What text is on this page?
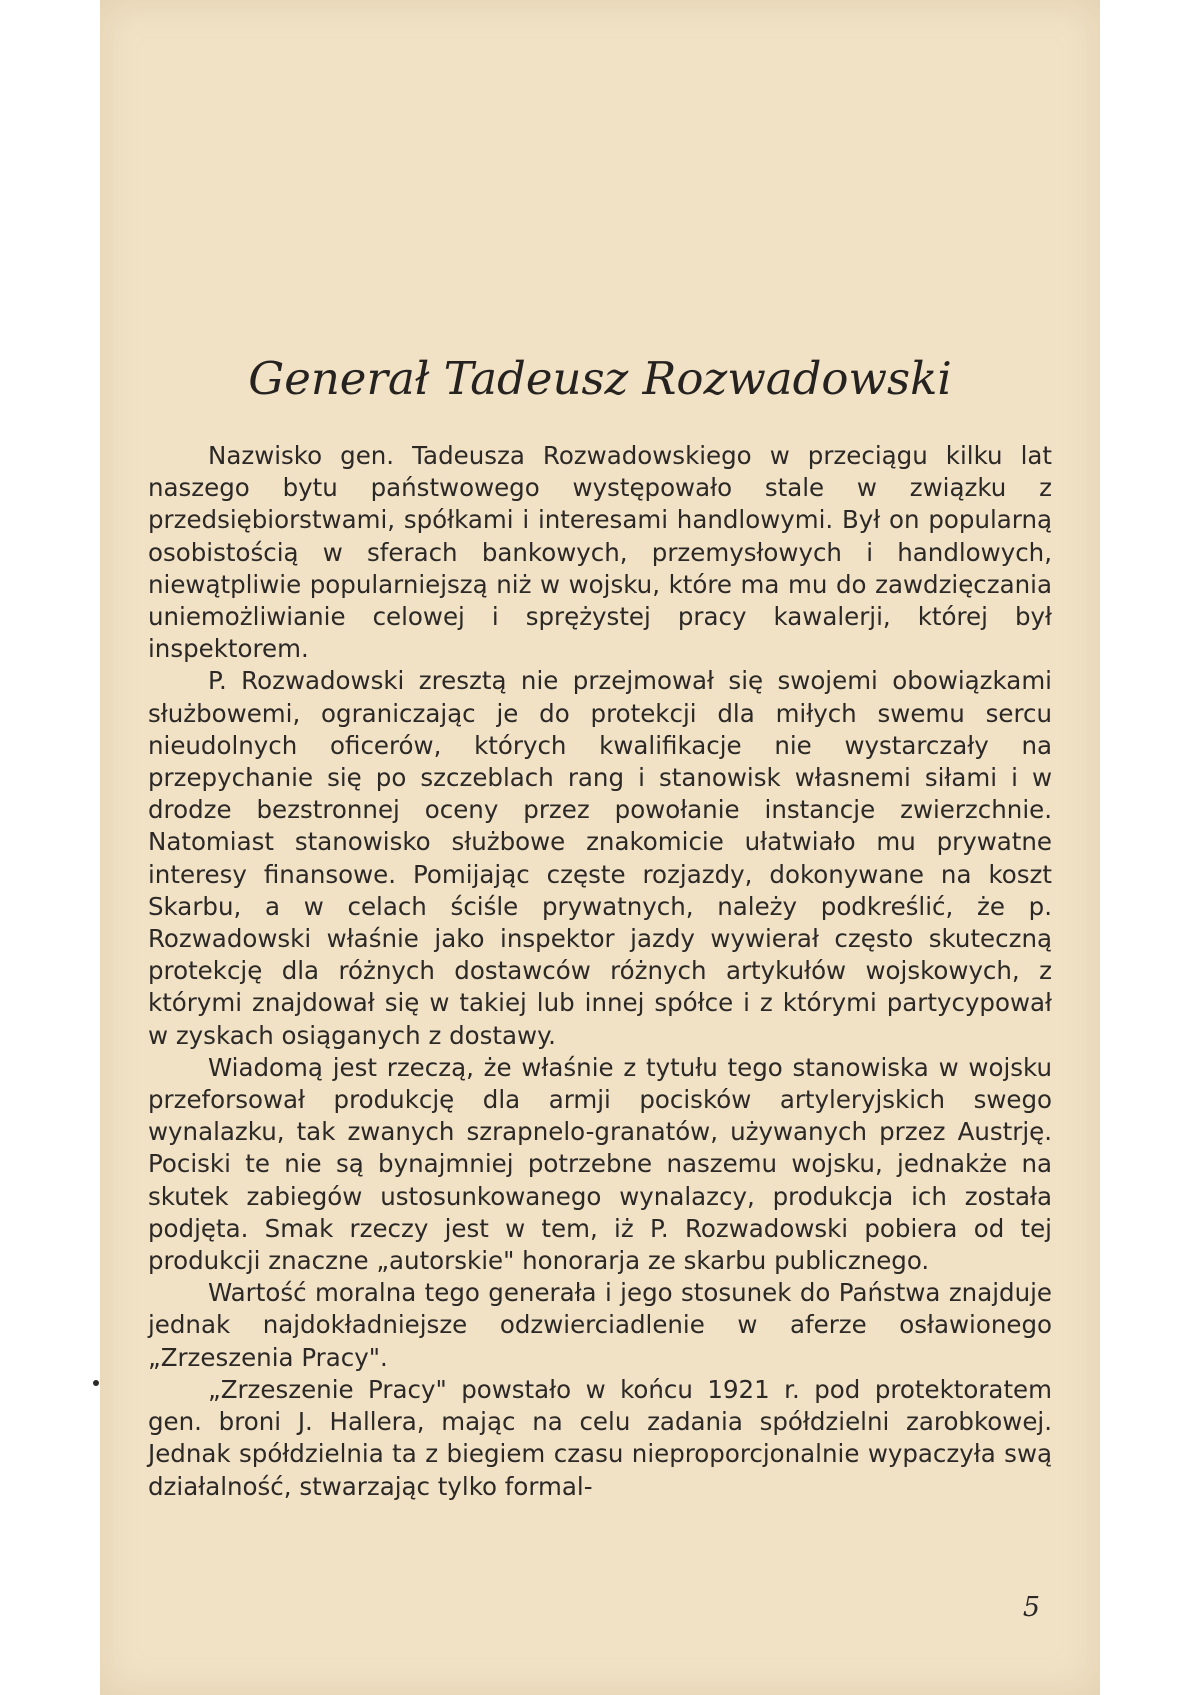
Generał Tadeusz Rozwadowski

Nazwisko gen. Tadeusza Rozwadowskiego w przeciągu kilku lat naszego bytu państwowego występowało stale w związku z przedsiębiorstwami, spółkami i interesami handlowymi. Był on popularną osobistością w sferach bankowych, przemysłowych i handlowych, niewątpliwie popularniejszą niż w wojsku, które ma mu do zawdzięczania uniemożliwianie celowej i sprężystej pracy kawalerji, której był inspektorem.

P. Rozwadowski zresztą nie przejmował się swojemi obowiązkami służbowemi, ograniczając je do protekcji dla miłych swemu sercu nieudolnych oficerów, których kwalifikacje nie wystarczały na przepychanie się po szczeblach rang i stanowisk własnemi siłami i w drodze bezstronnej oceny przez powołanie instancje zwierzchnie. Natomiast stanowisko służbowe znakomicie ułatwiało mu prywatne interesy finansowe. Pomijając częste rozjazdy, dokonywane na koszt Skarbu, a w celach ściśle prywatnych, należy podkreślić, że p. Rozwadowski właśnie jako inspektor jazdy wywierał często skuteczną protekcję dla różnych dostawców różnych artykułów wojskowych, z którymi znajdował się w takiej lub innej spółce i z którymi partycypował w zyskach osiąganych z dostawy.

Wiadomą jest rzeczą, że właśnie z tytułu tego stanowiska w wojsku przeforsował produkcję dla armji pocisków artyleryjskich swego wynalazku, tak zwanych szrapnelo-granatów, używanych przez Austrję. Pociski te nie są bynajmniej potrzebne naszemu wojsku, jednakże na skutek zabiegów ustosunkowanego wynalazcy, produkcja ich została podjęta. Smak rzeczy jest w tem, iż P. Rozwadowski pobiera od tej produkcji znaczne „autorskie" honorarja ze skarbu publicznego.

Wartość moralna tego generała i jego stosunek do Państwa znajduje jednak najdokładniejsze odzwierciadlenie w aferze osławionego „Zrzeszenia Pracy".

„Zrzeszenie Pracy" powstało w końcu 1921 r. pod protektoratem gen. broni J. Hallera, mając na celu zadania spółdzielni zarobkowej. Jednak spółdzielnia ta z biegiem czasu nieproporcjonalnie wypaczyła swą działalność, stwarzając tylko formal-

5
